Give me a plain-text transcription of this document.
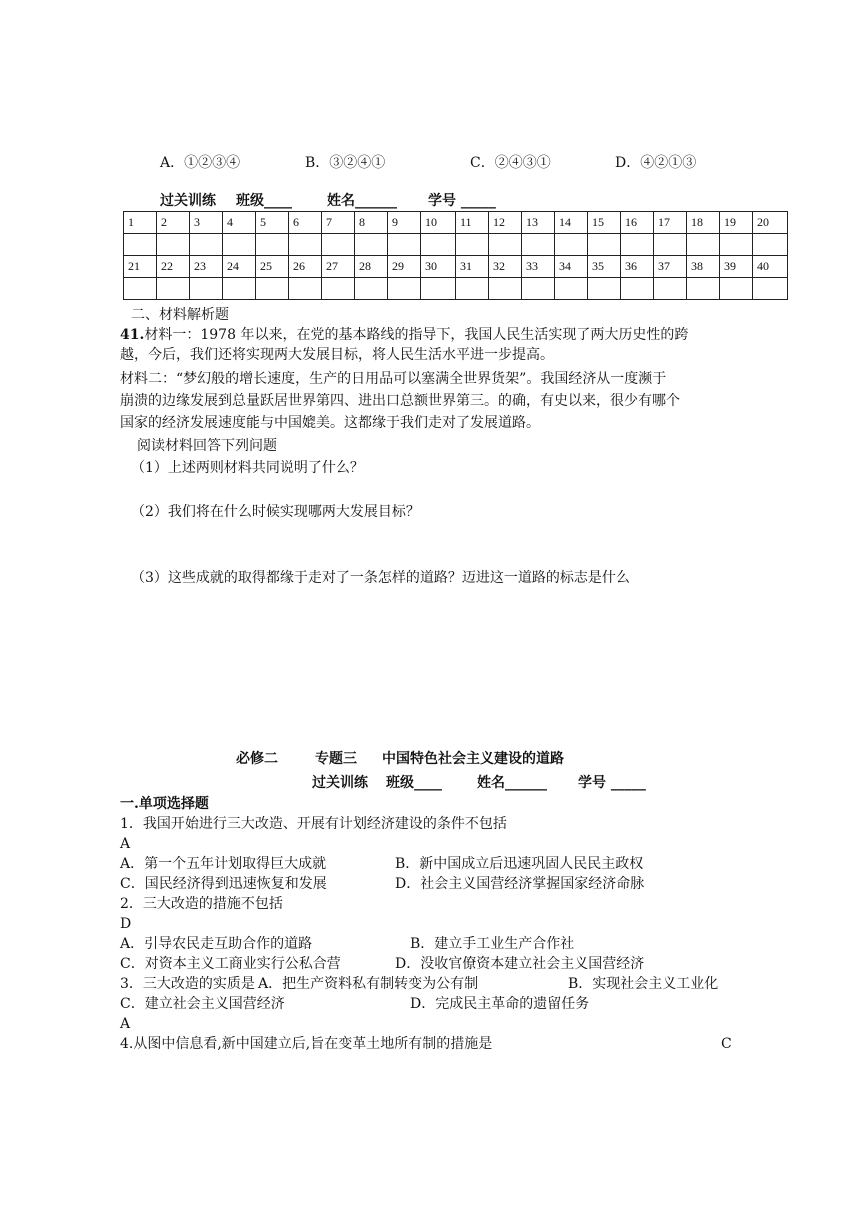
A．①②③④	B．③②④①	C．②④③①	D．④②①③
过关训练 班级____	姓名______ 学号 _____
1	2	3	4	5	6	7	8	9	10	11	12	13	14	15	16	17	18	19	20

21	22	23	24	25	26	27	28	29	30	31	32	33	34	35	36	37	38	39	40

二、材料解析题
41.材料一：1978 年以来，在党的基本路线的指导下，我国人民生活实现了两大历史性的跨
越，今后，我们还将实现两大发展目标，将人民生活水平进一步提高。
材料二：“梦幻般的增长速度，生产的日用品可以塞满全世界货架”。我国经济从一度濒于
崩溃的边缘发展到总量跃居世界第四、进出口总额世界第三。的确，有史以来，很少有哪个
国家的经济发展速度能与中国媲美。这都缘于我们走对了发展道路。
阅读材料回答下列问题
（1）上述两则材料共同说明了什么？
（2）我们将在什么时候实现哪两大发展目标？
（3）这些成就的取得都缘于走对了一条怎样的道路？迈进这一道路的标志是什么
必修二	专题三 中国特色社会主义建设的道路
过关训练 班级____	姓名______ 学号 _____
一.单项选择题
1．我国开始进行三大改造、开展有计划经济建设的条件不包括
A
A．第一个五年计划取得巨大成就	B．新中国成立后迅速巩固人民民主政权
C．国民经济得到迅速恢复和发展	D．社会主义国营经济掌握国家经济命脉
2．三大改造的措施不包括
D
A．引导农民走互助合作的道路	B．建立手工业生产合作社
C．对资本主义工商业实行公私合营	D．没收官僚资本建立社会主义国营经济
3．三大改造的实质是 A．把生产资料私有制转变为公有制	B．实现社会主义工业化
C．建立社会主义国营经济	D．完成民主革命的遗留任务
A
4.从图中信息看,新中国建立后,旨在变革土地所有制的措施是	C
